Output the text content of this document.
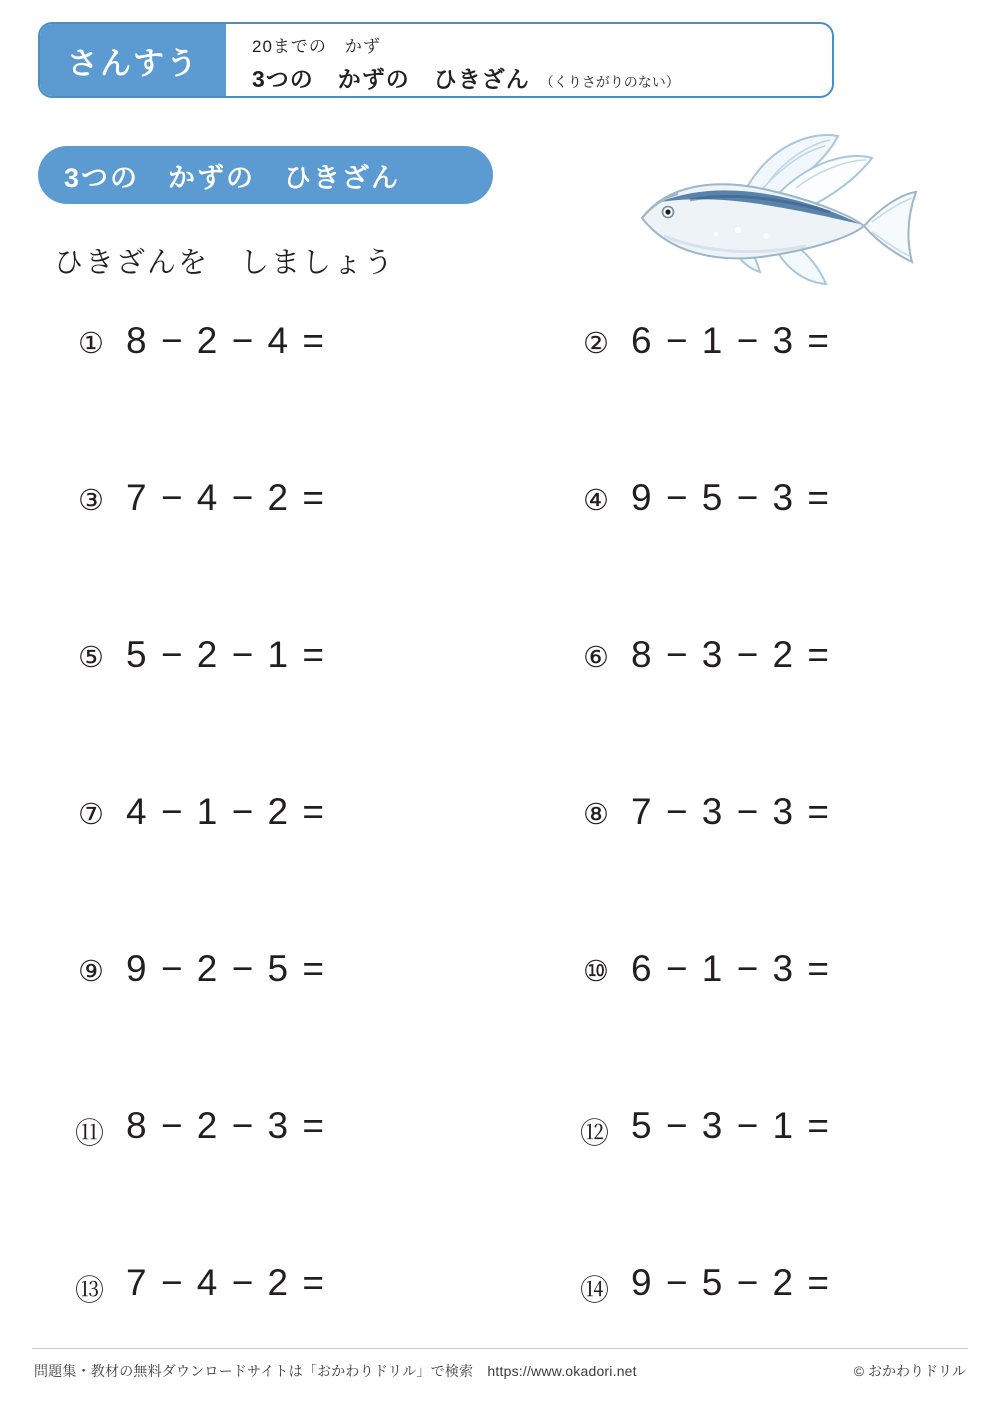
さんすう	20までの　かず
3つの　かずの　ひきざん （くりさがりのない）
3つの　かずの　ひきざん
ひきざんを　しましょう
① 8 − 2 − 4 =	② 6 − 1 − 3 =
③ 7 − 4 − 2 =	④ 9 − 5 − 3 =
⑤ 5 − 2 − 1 =	⑥ 8 − 3 − 2 =
⑦ 4 − 1 − 2 =	⑧ 7 − 3 − 3 =
⑨ 9 − 2 − 5 =	⑩ 6 − 1 − 3 =
⑪ 8 − 2 − 3 =	⑫ 5 − 3 − 1 =
⑬ 7 − 4 − 2 =	⑭ 9 − 5 − 2 =
問題集・教材の無料ダウンロードサイトは「おかわりドリル」で検索　https://www.okadori.net	© おかわりドリル
